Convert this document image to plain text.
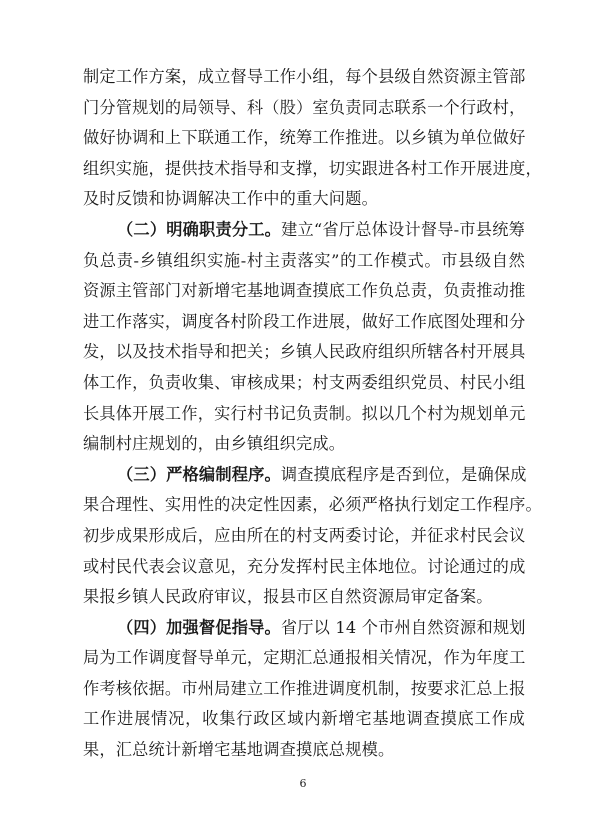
制定工作方案，成立督导工作小组，每个县级自然资源主管部
门分管规划的局领导、科（股）室负责同志联系一个行政村，
做好协调和上下联通工作，统筹工作推进。以乡镇为单位做好
组织实施，提供技术指导和支撑，切实跟进各村工作开展进度，
及时反馈和协调解决工作中的重大问题。
（二）明确职责分工。建立“省厅总体设计督导-市县统筹
负总责-乡镇组织实施-村主责落实”的工作模式。市县级自然
资源主管部门对新增宅基地调查摸底工作负总责，负责推动推
进工作落实，调度各村阶段工作进展，做好工作底图处理和分
发，以及技术指导和把关；乡镇人民政府组织所辖各村开展具
体工作，负责收集、审核成果；村支两委组织党员、村民小组
长具体开展工作，实行村书记负责制。拟以几个村为规划单元
编制村庄规划的，由乡镇组织完成。
（三）严格编制程序。调查摸底程序是否到位，是确保成
果合理性、实用性的决定性因素，必须严格执行划定工作程序。
初步成果形成后，应由所在的村支两委讨论，并征求村民会议
或村民代表会议意见，充分发挥村民主体地位。讨论通过的成
果报乡镇人民政府审议，报县市区自然资源局审定备案。
（四）加强督促指导。省厅以 14 个市州自然资源和规划
局为工作调度督导单元，定期汇总通报相关情况，作为年度工
作考核依据。市州局建立工作推进调度机制，按要求汇总上报
工作进展情况，收集行政区域内新增宅基地调查摸底工作成
果，汇总统计新增宅基地调查摸底总规模。
6
